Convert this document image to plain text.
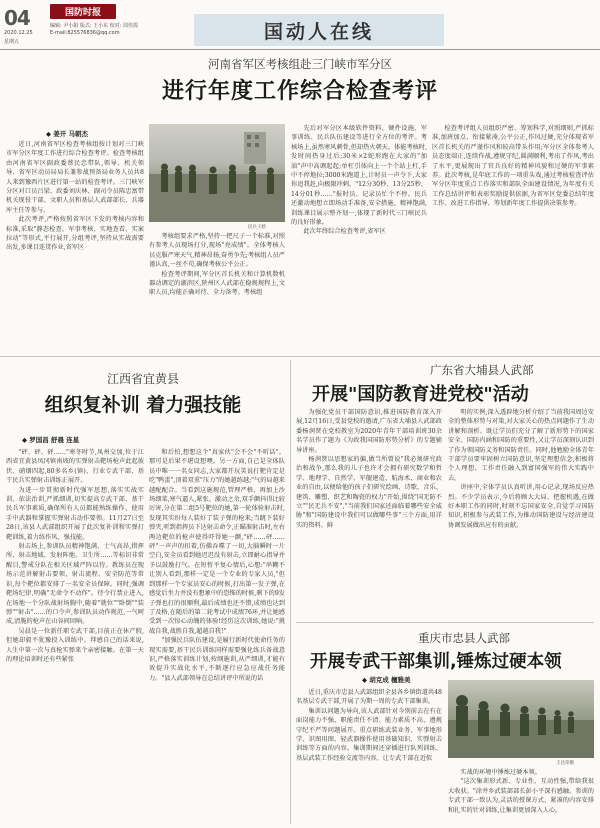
04	国防时报
编辑: 尹小娟 版式: 王小东 校对: 周佳霞
E-mail:825576836@qq.com
2020.12.25
星期五	国动人在线
河南省军区考核组赴三门峡市军分区
进行年度工作综合检查考评
◆ 姜开 马朝杰

近日,河南省军区检查考核组按计划对三门峡市军分区年度工作进行综合检查考评。检查考核组由河南省军区副政委蔡民忠带队,领导、机关领导、省军区动员局局长兼参战预备局业务人员共8人来到豫西片区进行第一站的检查考评。三门峡军分区对口员吕梁、政委刘庆林、副司令员陈忠富带机关现役干部、文职人员和基层人武部部长、兵器库主任等参与。

此次考评,严格按照省军区下发的考核内容和标准,采取"静态检查、军事考核、实地查看、实案拉动"等形式,平行展开,分组考评,坚持从实战需要出发,多课目连贯作业,省军区

民兵王绘

考核组要求严格,坚持一把尺子一个标准,对照有参考人员现场打分,现场"亮成绩"。全体考核人员克服严寒天气,精神昂扬,奋勇争先;考核组人员严谨认真,一丝不苟,确保考核公平公正。

检查考评期间,军分区首长机关和计算机数机器动调定的湖滨区,陕州区人武部在稳规规程上,文职人员,均能正确对待、全力备考。考核组

先后对军分区本级软件资料、硬件设施、军事训练、民兵队伍建设等进行全方位的考评。考核场上,虽然寒风刺骨,但却热火朝天。体能考核时,发时间热身过后;30米×2蛇形跑在大家的"加油"声中高调起起;单杠引体向上一个个站上杠,手中不停地拉;3000米跑道上,计时员一声令下,大家你追我赶,向极限冲刺。"12分30秒、13分25秒、14分01秒……"报时员、记录员忙个不停。民兵还激动地想立即场动手准备,安全措施、精神饱满,训练课目展示整齐划一,体现了新时代三门峡民兵的良好形象。

此次年终综合检查考评,省军区

检查考评组人员组织严密、筹划科学,对照细则,严抓标准,加班加点、衔接紧凑,公平公正,作风过硬,充分体现省军区首长机关的严谨作风和较高带头作用;军分区全体参考人员态度端正,连续作战,遵规守纪,圆满顺利,考出了作风,考出了水平,更展现出了官兵良好的精神风貌和过硬的军事素养。此次考核,是年底工作的一项重头戏,通过考核检查评估军分区年度重点工作落实和部队全面建设情况,为年度有关工作总结讲评和表彰奖励提供依据,为省军区党委总结年度工作、改进工作指导、筹划新年度工作提供决策参考。

江西省宜黄县
组织复补训 着力强技能
◆ 罗国昌 舒晨 连星

"砰、砰、砰……"寒冬时节,凤州交加,位于江西省宜黄县凤冈镇南坡的实弹射击靶场枪声此起彼伏、硝烟四起,80多名乡(镇)、行业专武干部、基干民兵实弹射击训练正展开。

为进一步贯彻新时代强军思想,落实实战实训、依法治训,严抓细训,切实提高专武干部、基干民兵军事素质,确保所有人员都能熟练操作、使用手中武器和掌握实弹射击动作要领。11月27日至28日,该县人武部组织开展了此次复补训和实弹打靶训练,着力练作风、强技能。

射击场上,参训队员精神饱满、士气高昂,措挥所、射击地域、发射阵地。卫生所……等标识非常醒目,警戒分队在相关区域严阵以待。教练员在现场示范讲解射击要领、射击流程、安全防范等常识,每个靶位都安排了一名安全员保障。同时,强调靶场纪律,明确"无命令不动作"。待令行禁止进入,在场地一个分队战射场胸中,随着"就位""卧倒""装弹""射击"……的口令声,参训队员动作规范,一气呵成,清脆的枪声在山谷间回响。

吴晨是一位新任职专武干部,目前正在休产假,但她却毅不犹豫投入训练中。拜感自己的话来说,人生中第一次与真枪实弹来个亲密接触。在第一天的理论培训时还有些紧张

和后怕,想想这个"真家伙"会不会"不听话"。那可是后果不堪设想噢。另一方面,自己是全体队员中唯一一名女同志,大家都开玩笑说打靶肯定是吃"鸭蛋",顶着双重"压力"的她越练越;"气的局越来越配配合。当看到这施规范,管理严格、再加上沙场细菜,寒气逼人,紧张、激动之余,双手颤抖得比较厉害,分在第二组5号靶位的她,第一轮体验射击时,发现其实纷每人装好了装子弹的枪来;当跳下装好弹夹,听到指挥员下达射击命令,正瞄准射击时,左右两边靶位的枪声使得吓得她一颤,"砰……砰……砰"一声声的扣着,仿佛吞噬了一切,大脑瞬时一片空白,安全员看到她迟迟没有射击,立即耐心指导并予以鼓励打气。在短暂平复心情后,心想:"串糊不让别人看到,那样一定是一个专业的专家人员,"但到那样一个专家员安心的时候,打出第一发子弹,在感觉后坐力并没有想象中的恐怖的时候,剩下的9发子弹也打的很顺利,最后成绩也还不错,成绩也达到了及格,在随后的第二轮考试中成绩76环,并让她感受到一次惊心动魄的体验!经历这次训练,她说:"挑战自我,战胜自我,超越自我!"

"加强民兵队伍建设,是履行新时代使命任务的现实需要,基干民兵训练同样需要强化练兵备战意识,严格落实训练计划,按纲施训,从严细训,才能有效提升实战化水平,不断逐行应急应战任务能力。"县人武部领导在总结讲评中所说的话

广东省大埔县人武部
开展"国防教育进党校"活动

为强化党员干部国防意识,推进国防教育深入开展,12月16日,受县党校的邀请,广东省大埔县人武部政委杨润贤在党校教室为2020年青年干部培训班30余名学员作了题为《为政我国国防形势分析》的专题辅导讲座。

杨润贤以思想家的偏,做当所曾说"我必须研究政治和战争,那么我的儿子也许才会拥有研究数学和哲学、地理学、自然学、军舰建造、航海术、商业和农业的自由,以便给他的孩子们研究绘画、诗歌、音乐、建筑、雕塑、织艺和陶瓷的权力"开始,围绕"国无防不立""民无兵不安","当前我们国家还面临着哪些安全威胁"和"国防建设中我们可以做哪些事"三个方面,用详实的资料、鲜

明的实例,深入透辟地分析介绍了当前我国周边安全的整体形势与对策,对大家关心的热点问题作了生动讲解和剖析。既让学员们充分了解了新形势下的国家安全、国防内涵和国防的重要性,又让学员深刻认识到了作为领国防义务和国防责任。同时,他勉励全体青年干部学员要牢固树立国防意识,坚定理想信念,积极将个人理想、工作责任融入到富国强军的伟大实践中去。

讲座中,全体学员认真听讲,用心记录,现场反应热烈。不少学员表示,今后将顾大大局、把握机遇,在做好本职工作的同时,时刻不忘国家安全,自觉学习国防知识,积极参与武装工作,为推动国防建设与经济建设协调发展做出应有的贡献。

重庆市忠县人武部
开展专武干部集训,锤炼过硬本领
◆ 胡克成 檀雅美

近日,重庆市忠县人武部组织全县各乡镇街道共48名基层专武干部,开展了为期一周的专武干部集训。

集训以问题为导向,该人武部针对今别前去在有在面岗能力不强、职能责任不清、能力素质不高、遵规守纪不严等问题展开。重点研练武装业务、军事地形学、识图用图、轻武器操作使用基础知识、实弹射击训练等方面的内容。集训期间还穿插进行队列训练、基层武装工作经验交流等内容。让专武干部在近似

王昌荣摄

实战的环境中锤炼过硬本领。

"这次集训形式新、专业性、互动性强,带给我很大收获。"涂井乡武装部部长彭小平深有感触。参训的专武干部一致认为,灵活的授课方式、紧凑的内容安排和扎实的针对训练,让集训更加深入人心。
